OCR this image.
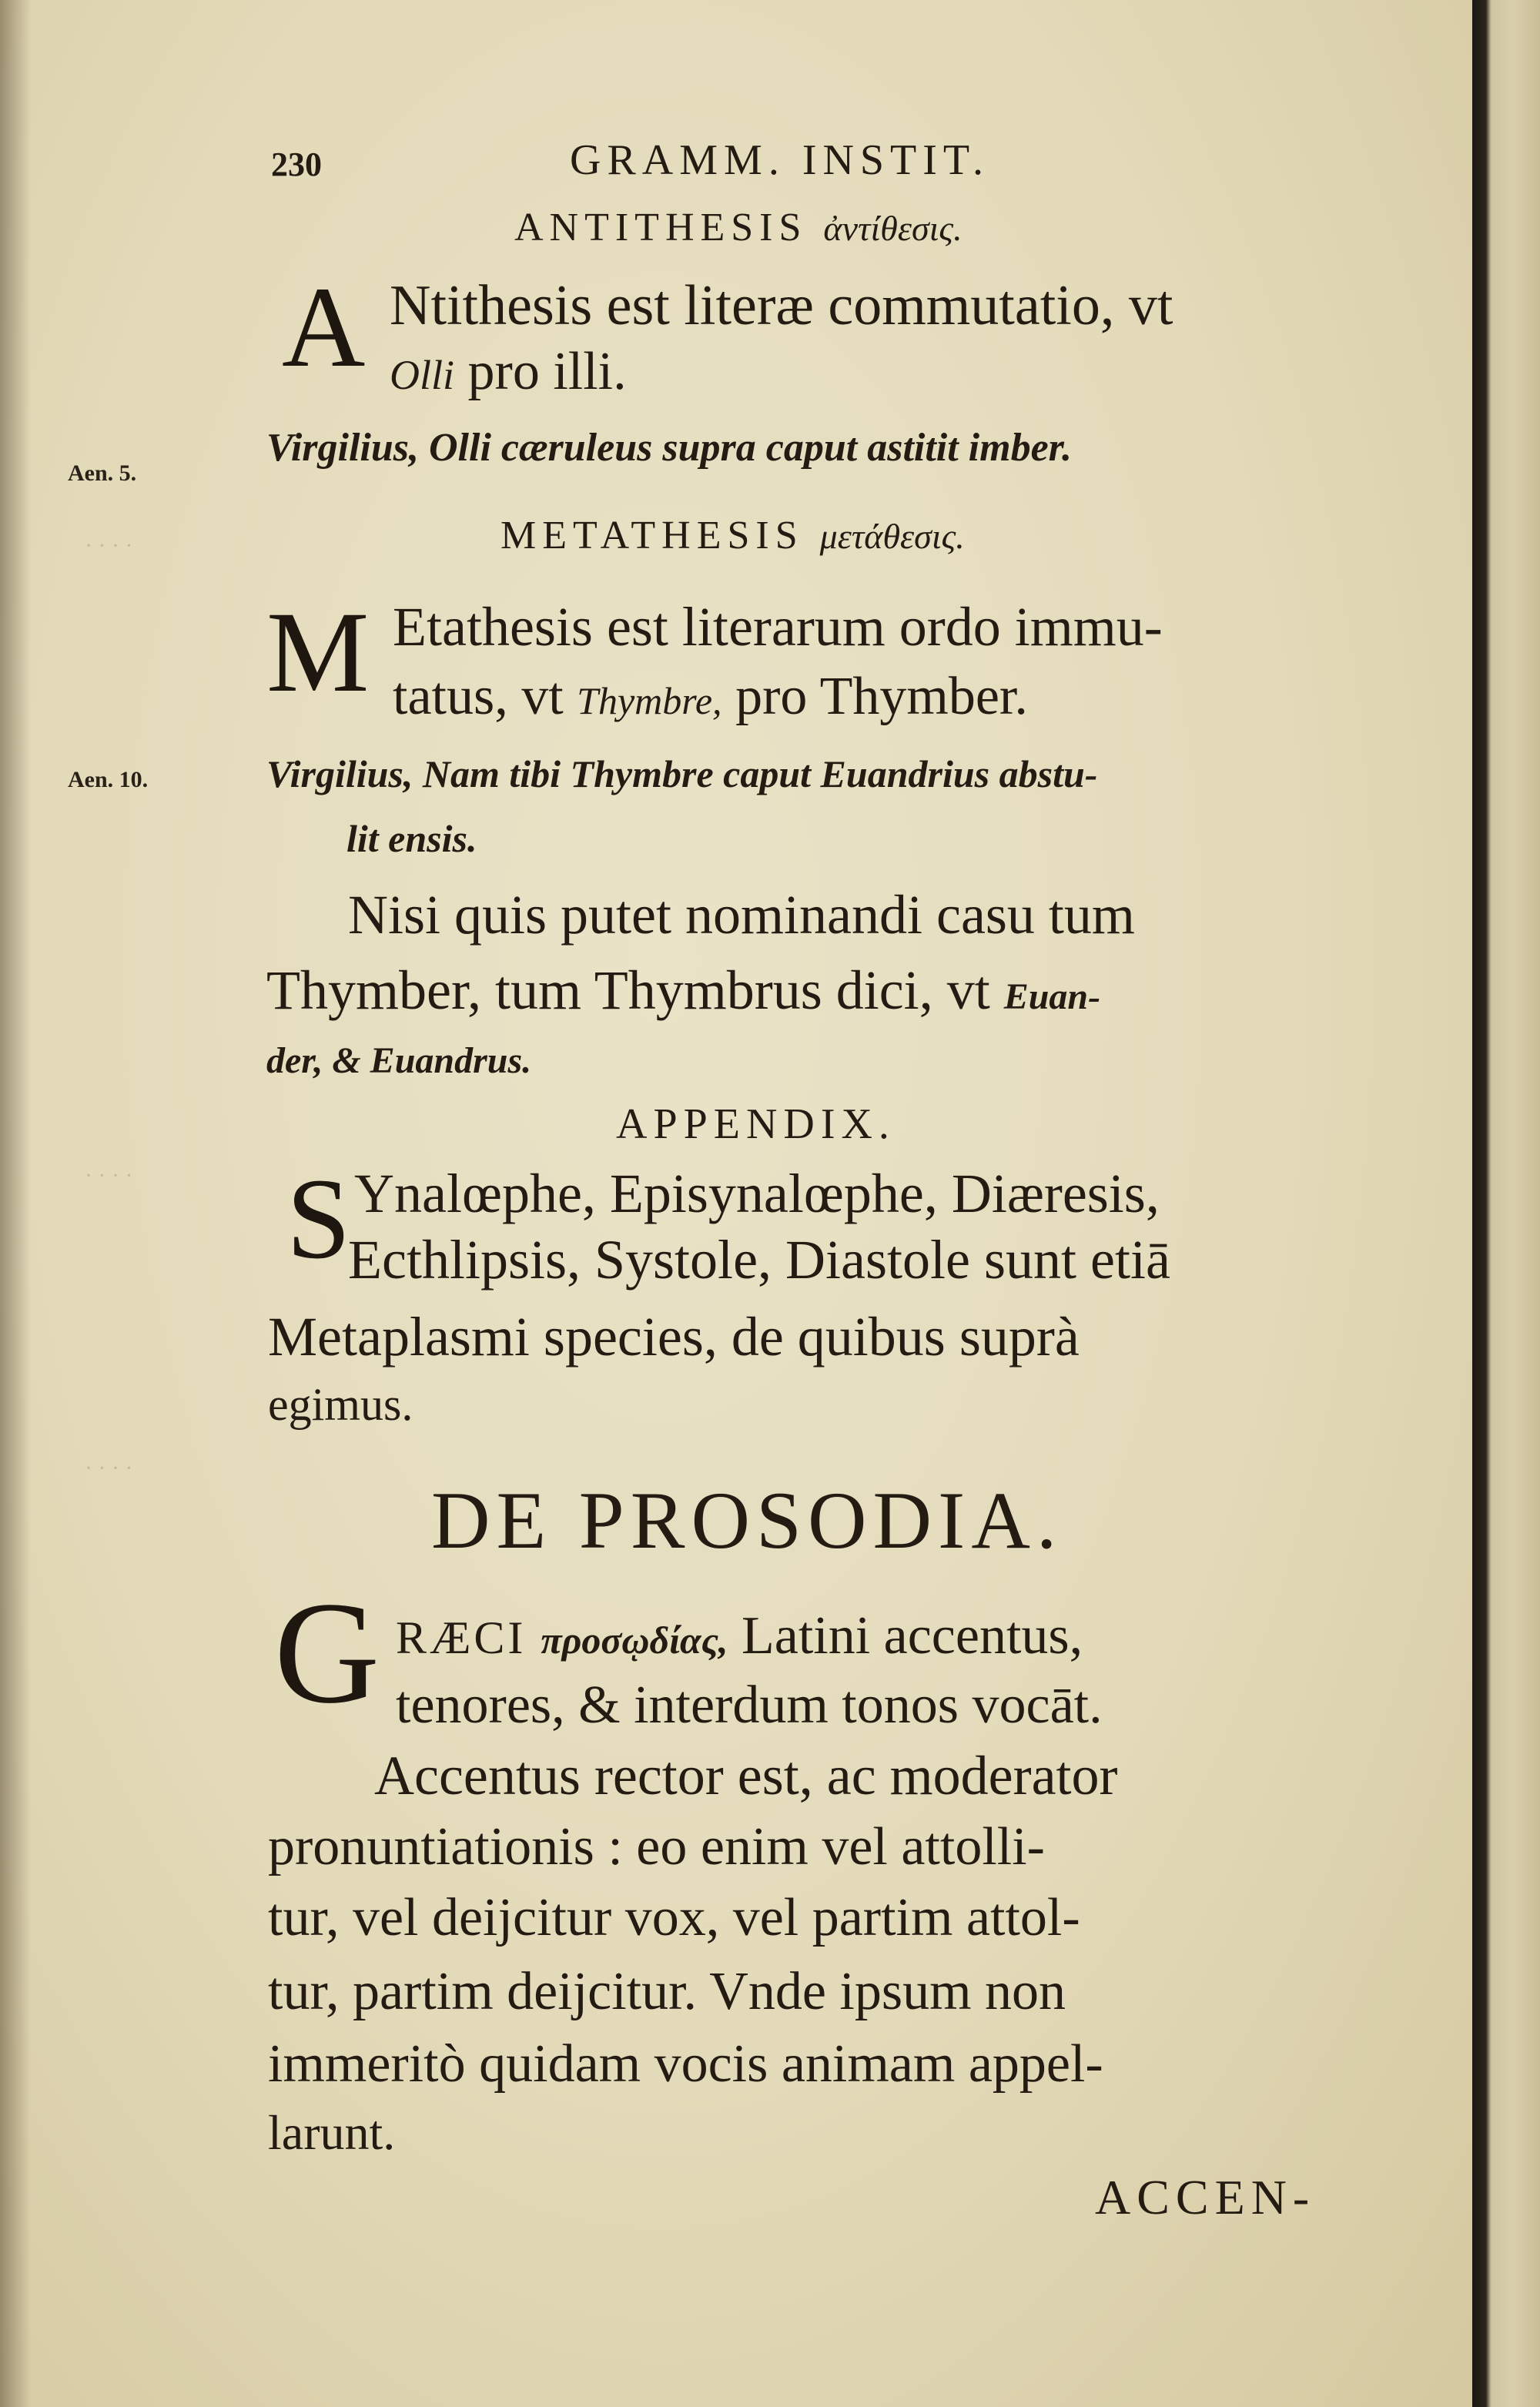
· · · ·
· · · ·
· · · ·
230	GRAMM. INSTIT.
ANTITHESIS ἀντίθεσις.
A Ntithesis est literæ commutatio, vt
Olli pro illi.
Aen. 5.
Virgilius, Olli cæruleus supra caput astitit imber.
METATHESIS μετάθεσις.
M Etathesis est literarum ordo immu-
tatus, vt Thymbre, pro Thymber.
Aen. 10.	Virgilius, Nam tibi Thymbre caput Euandrius abstu-
lit ensis.
Nisi quis putet nominandi casu tum
Thymber, tum Thymbrus dici, vt Euan-
der, & Euandrus.
APPENDIX.
S Ynalœphe, Episynalœphe, Diæresis,
Ecthlipsis, Systole, Diastole sunt etiā
Metaplasmi species, de quibus suprà
egimus.
DE PROSODIA.
G RÆCI προσῳδίας, Latini accentus,
tenores, & interdum tonos vocāt.
Accentus rector est, ac moderator
pronuntiationis : eo enim vel attolli-
tur, vel deijcitur vox, vel partim attol-
tur, partim deijcitur. Vnde ipsum non
immeritò quidam vocis animam appel-
larunt.
ACCEN-
